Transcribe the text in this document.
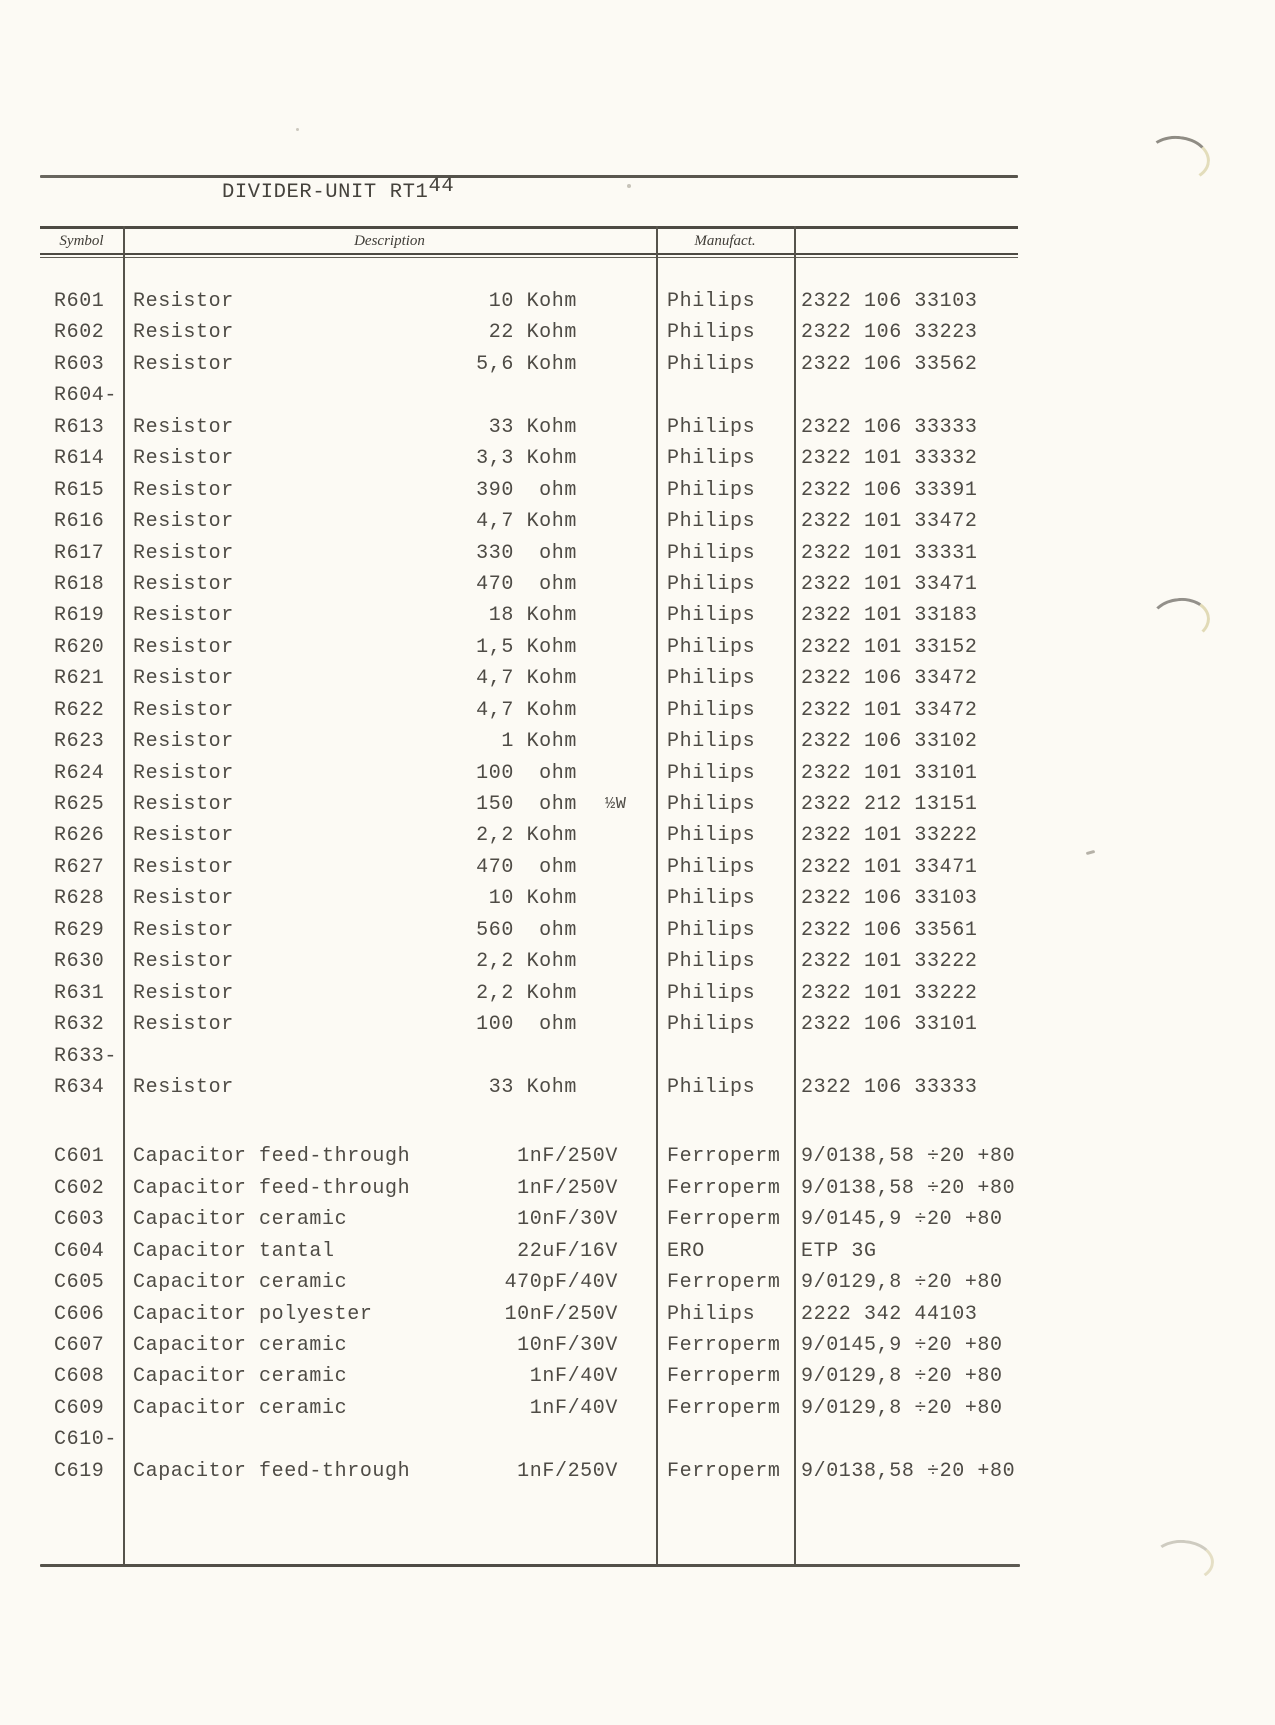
DIVIDER-UNIT RT144
Symbol	Description	Manufact.
R601	Resistor	10 Kohm	Philips	2322 106 33103
R602	Resistor	22 Kohm	Philips	2322 106 33223
R603	Resistor	5,6 Kohm	Philips	2322 106 33562
R604-
R613	Resistor	33 Kohm	Philips	2322 106 33333
R614	Resistor	3,3 Kohm	Philips	2322 101 33332
R615	Resistor	390  ohm	Philips	2322 106 33391
R616	Resistor	4,7 Kohm	Philips	2322 101 33472
R617	Resistor	330  ohm	Philips	2322 101 33331
R618	Resistor	470  ohm	Philips	2322 101 33471
R619	Resistor	18 Kohm	Philips	2322 101 33183
R620	Resistor	1,5 Kohm	Philips	2322 101 33152
R621	Resistor	4,7 Kohm	Philips	2322 106 33472
R622	Resistor	4,7 Kohm	Philips	2322 101 33472
R623	Resistor	1 Kohm	Philips	2322 106 33102
R624	Resistor	100  ohm	Philips	2322 101 33101
R625	Resistor	150  ohm ½W	Philips	2322 212 13151
R626	Resistor	2,2 Kohm	Philips	2322 101 33222
R627	Resistor	470  ohm	Philips	2322 101 33471
R628	Resistor	10 Kohm	Philips	2322 106 33103
R629	Resistor	560  ohm	Philips	2322 106 33561
R630	Resistor	2,2 Kohm	Philips	2322 101 33222
R631	Resistor	2,2 Kohm	Philips	2322 101 33222
R632	Resistor	100  ohm	Philips	2322 106 33101
R633-
R634	Resistor	33 Kohm	Philips	2322 106 33333
C601	Capacitor feed-through	1nF/250V	Ferroperm	9/0138,58 ÷20 +80
C602	Capacitor feed-through	1nF/250V	Ferroperm	9/0138,58 ÷20 +80
C603	Capacitor ceramic	10nF/30V	Ferroperm	9/0145,9 ÷20 +80
C604	Capacitor tantal	22uF/16V	ERO	ETP 3G
C605	Capacitor ceramic	470pF/40V	Ferroperm	9/0129,8 ÷20 +80
C606	Capacitor polyester	10nF/250V	Philips	2222 342 44103
C607	Capacitor ceramic	10nF/30V	Ferroperm	9/0145,9 ÷20 +80
C608	Capacitor ceramic	1nF/40V	Ferroperm	9/0129,8 ÷20 +80
C609	Capacitor ceramic	1nF/40V	Ferroperm	9/0129,8 ÷20 +80
C610-
C619	Capacitor feed-through	1nF/250V	Ferroperm	9/0138,58 ÷20 +80
